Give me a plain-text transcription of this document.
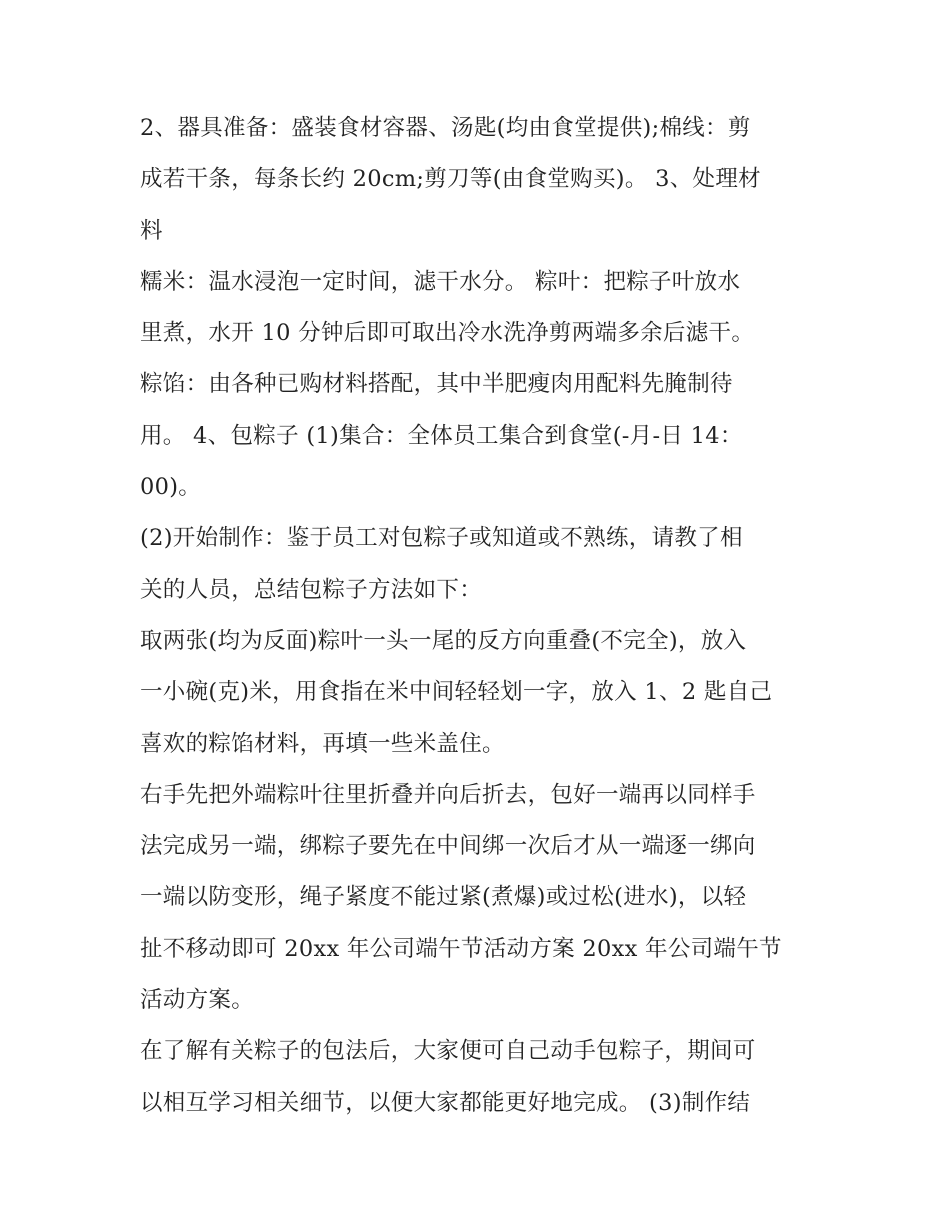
2、器具准备：盛装食材容器、汤匙(均由食堂提供);棉线：剪
成若干条，每条长约 20cm;剪刀等(由食堂购买)。 3、处理材
料
糯米：温水浸泡一定时间，滤干水分。 粽叶：把粽子叶放水
里煮，水开 10 分钟后即可取出冷水洗净剪两端多余后滤干。
粽馅：由各种已购材料搭配，其中半肥瘦肉用配料先腌制待
用。 4、包粽子 (1)集合：全体员工集合到食堂(-月-日 14：
00)。
(2)开始制作：鉴于员工对包粽子或知道或不熟练，请教了相
关的人员，总结包粽子方法如下：
取两张(均为反面)粽叶一头一尾的反方向重叠(不完全)，放入
一小碗(克)米，用食指在米中间轻轻划一字，放入 1、2 匙自己
喜欢的粽馅材料，再填一些米盖住。
右手先把外端粽叶往里折叠并向后折去，包好一端再以同样手
法完成另一端，绑粽子要先在中间绑一次后才从一端逐一绑向
一端以防变形，绳子紧度不能过紧(煮爆)或过松(进水)，以轻
扯不移动即可 20xx 年公司端午节活动方案 20xx 年公司端午节
活动方案。
在了解有关粽子的包法后，大家便可自己动手包粽子，期间可
以相互学习相关细节，以便大家都能更好地完成。 (3)制作结
